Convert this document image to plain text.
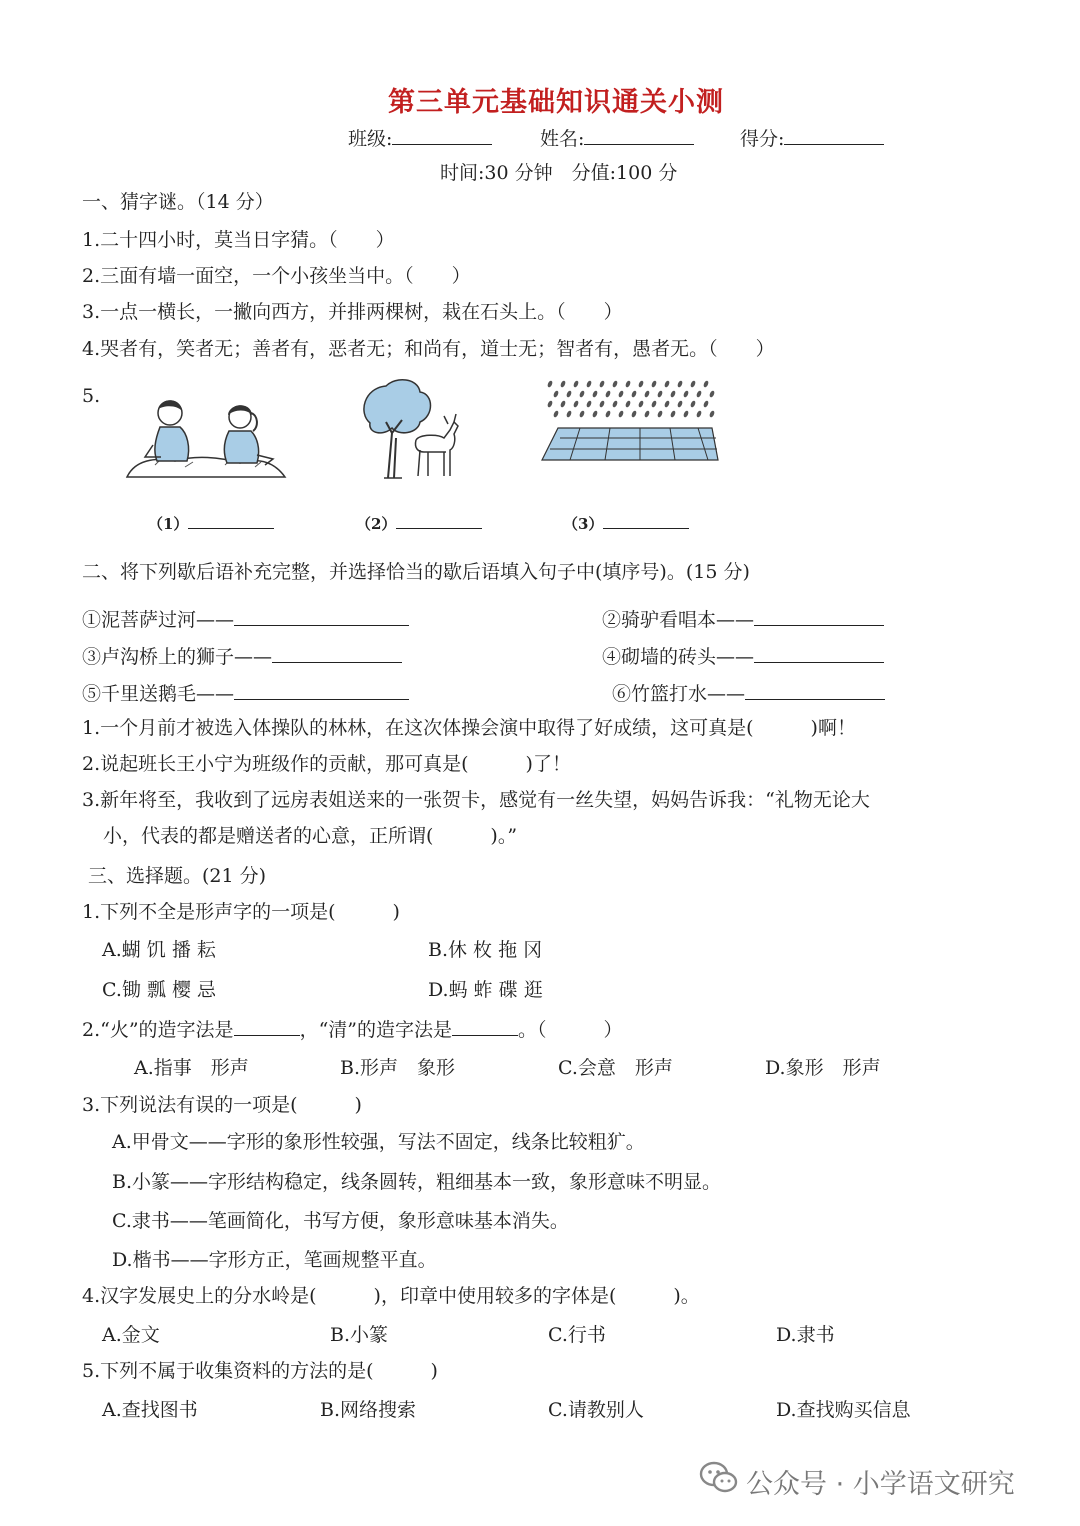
第三单元基础知识通关小测
班级:	姓名:	得分:
时间:30 分钟　分值:100 分
一、猜字谜。（14 分）
1.二十四小时，莫当日字猜。（　　）
2.三面有墙一面空，一个小孩坐当中。（　　）
3.一点一横长，一撇向西方，并排两棵树，栽在石头上。（　　）
4.哭者有，笑者无；善者有，恶者无；和尚有，道士无；智者有，愚者无。（　　）
5.
（1）	（2）	（3）
二、将下列歇后语补充完整，并选择恰当的歇后语填入句子中(填序号)。(15 分)
①泥菩萨过河——	②骑驴看唱本——
③卢沟桥上的狮子——	④砌墙的砖头——
⑤千里送鹅毛——	⑥竹篮打水——
1.一个月前才被选入体操队的林林，在这次体操会演中取得了好成绩，这可真是(　　　)啊！
2.说起班长王小宁为班级作的贡献，那可真是(　　　)了！
3.新年将至，我收到了远房表姐送来的一张贺卡，感觉有一丝失望，妈妈告诉我：“礼物无论大
小，代表的都是赠送者的心意，正所谓(　　　)。”
三、选择题。(21 分)
1.下列不全是形声字的一项是(　　　)
A.蝴 饥 播 耘	B.休 枚 拖 冈
C.锄 瓢 樱 忌	D.蚂 蚱 碟 逛
2.“火”的造字法是	，“清”的造字法是	。（　　　）
A.指事　形声	B.形声　象形	C.会意　形声	D.象形　形声
3.下列说法有误的一项是(　　　)
A.甲骨文——字形的象形性较强，写法不固定，线条比较粗犷。
B.小篆——字形结构稳定，线条圆转，粗细基本一致，象形意味不明显。
C.隶书——笔画简化，书写方便，象形意味基本消失。
D.楷书——字形方正，笔画规整平直。
4.汉字发展史上的分水岭是(　　　)，印章中使用较多的字体是(　　　)。
A.金文	B.小篆	C.行书	D.隶书
5.下列不属于收集资料的方法的是(　　　)
A.查找图书	B.网络搜索	C.请教别人	D.查找购买信息
公众号 · 小学语文研究
